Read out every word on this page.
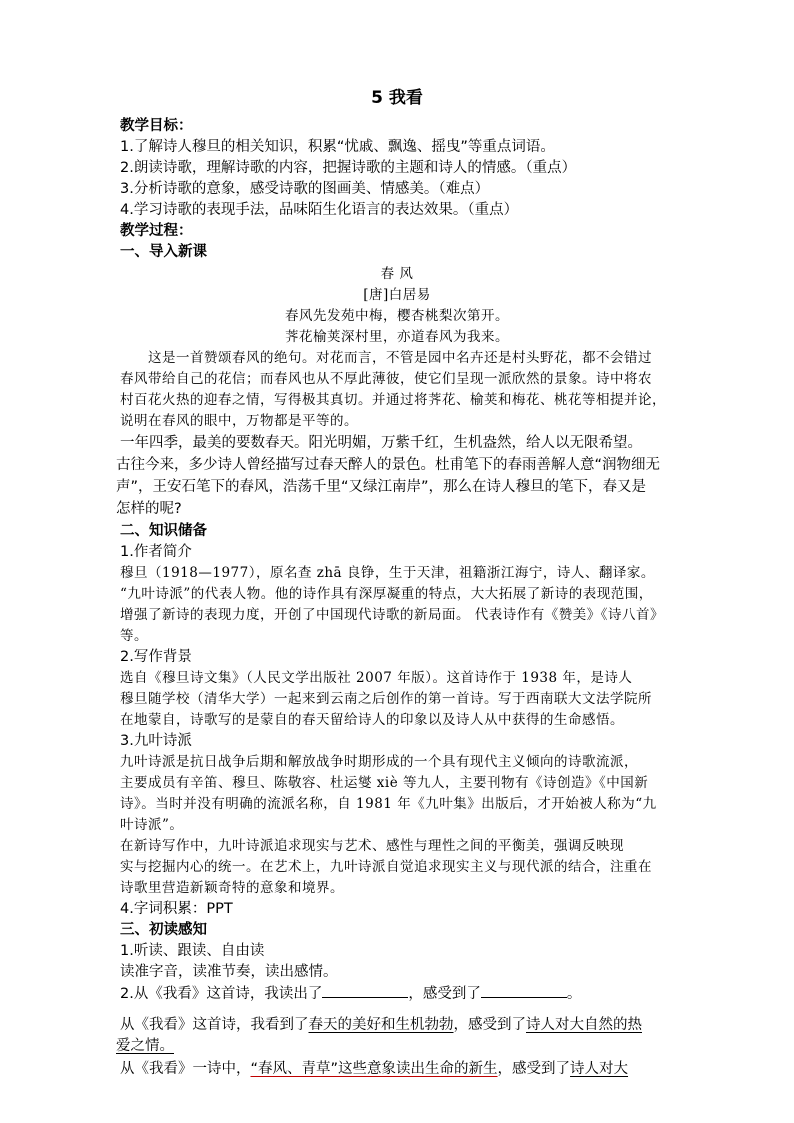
5 我看
教学目标：
1.了解诗人穆旦的相关知识，积累“忧戚、飘逸、摇曳”等重点词语。
2.朗读诗歌，理解诗歌的内容，把握诗歌的主题和诗人的情感。（重点）
3.分析诗歌的意象，感受诗歌的图画美、情感美。（难点）
4.学习诗歌的表现手法，品味陌生化语言的表达效果。（重点）
教学过程：
一、导入新课
春 风
[唐]白居易
春风先发苑中梅，樱杏桃梨次第开。
荠花榆荚深村里，亦道春风为我来。
这是一首赞颂春风的绝句。对花而言，不管是园中名卉还是村头野花，都不会错过
春风带给自己的花信；而春风也从不厚此薄彼，使它们呈现一派欣然的景象。诗中将农
村百花火热的迎春之情，写得极其真切。并通过将荠花、榆荚和梅花、桃花等相提并论，
说明在春风的眼中，万物都是平等的。
一年四季，最美的要数春天。阳光明媚，万紫千红，生机盎然，给人以无限希望。
古往今来，多少诗人曾经描写过春天醉人的景色。杜甫笔下的春雨善解人意“润物细无
声”，王安石笔下的春风，浩荡千里“又绿江南岸”，那么在诗人穆旦的笔下，春又是
怎样的呢?
二、知识储备
1.作者简介
穆旦（1918—1977），原名查 zhā 良铮，生于天津，祖籍浙江海宁，诗人、翻译家。
“九叶诗派”的代表人物。他的诗作具有深厚凝重的特点，大大拓展了新诗的表现范围，
增强了新诗的表现力度，开创了中国现代诗歌的新局面。 代表诗作有《赞美》《诗八首》
等。
2.写作背景
选自《穆旦诗文集》（人民文学出版社 2007 年版）。这首诗作于 1938 年，是诗人
穆旦随学校（清华大学）一起来到云南之后创作的第一首诗。写于西南联大文法学院所
在地蒙自，诗歌写的是蒙自的春天留给诗人的印象以及诗人从中获得的生命感悟。
3.九叶诗派
九叶诗派是抗日战争后期和解放战争时期形成的一个具有现代主义倾向的诗歌流派，
主要成员有辛笛、穆旦、陈敬容、杜运燮 xiè 等九人，主要刊物有《诗创造》《中国新
诗》。当时并没有明确的流派名称，自 1981 年《九叶集》出版后，才开始被人称为“九
叶诗派”。
在新诗写作中，九叶诗派追求现实与艺术、感性与理性之间的平衡美，强调反映现
实与挖掘内心的统一。在艺术上，九叶诗派自觉追求现实主义与现代派的结合，注重在
诗歌里营造新颖奇特的意象和境界。
4.字词积累：PPT
三、初读感知
1.听读、跟读、自由读
读准字音，读准节奏，读出感情。
2.从《我看》这首诗，我读出了	，感受到了	。
从《我看》这首诗，我看到了春天的美好和生机勃勃，感受到了诗人对大自然的热
爱之情。
从《我看》一诗中，“春风、青草”这些意象读出生命的新生，感受到了诗人对大
